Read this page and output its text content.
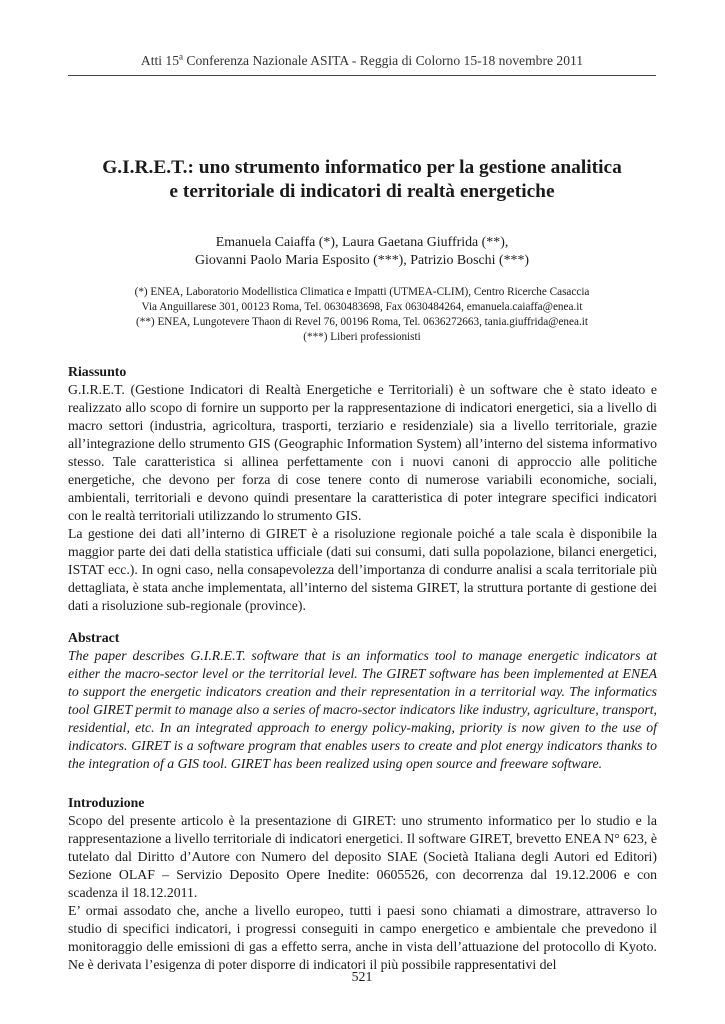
Atti 15$^a$ Conferenza Nazionale ASITA - Reggia di Colorno 15-18 novembre 2011
G.I.R.E.T.: uno strumento informatico per la gestione analitica
e territoriale di indicatori di realtà energetiche
Emanuela Caiaffa (*), Laura Gaetana Giuffrida (**),
Giovanni Paolo Maria Esposito (***), Patrizio Boschi (***)
(*) ENEA, Laboratorio Modellistica Climatica e Impatti (UTMEA-CLIM), Centro Ricerche Casaccia
Via Anguillarese 301, 00123 Roma, Tel. 0630483698, Fax 0630484264, emanuela.caiaffa@enea.it
(**) ENEA, Lungotevere Thaon di Revel 76, 00196 Roma, Tel. 0636272663, tania.giuffrida@enea.it
(***) Liberi professionisti
Riassunto

G.I.R.E.T. (Gestione Indicatori di Realtà Energetiche e Territoriali) è un software che è stato ideato e realizzato allo scopo di fornire un supporto per la rappresentazione di indicatori energetici, sia a livello di macro settori (industria, agricoltura, trasporti, terziario e residenziale) sia a livello territoriale, grazie all’integrazione dello strumento GIS (Geographic Information System) all’interno del sistema informativo stesso. Tale caratteristica si allinea perfettamente con i nuovi canoni di approccio alle politiche energetiche, che devono per forza di cose tenere conto di numerose variabili economiche, sociali, ambientali, territoriali e devono quindi presentare la caratteristica di poter integrare specifici indicatori con le realtà territoriali utilizzando lo strumento GIS.

La gestione dei dati all’interno di GIRET è a risoluzione regionale poiché a tale scala è disponibile la maggior parte dei dati della statistica ufficiale (dati sui consumi, dati sulla popolazione, bilanci energetici, ISTAT ecc.). In ogni caso, nella consapevolezza dell’importanza di condurre analisi a scala territoriale più dettagliata, è stata anche implementata, all’interno del sistema GIRET, la struttura portante di gestione dei dati a risoluzione sub-regionale (province).

Abstract

The paper describes G.I.R.E.T. software that is an informatics tool to manage energetic indicators at either the macro-sector level or the territorial level. The GIRET software has been implemented at ENEA to support the energetic indicators creation and their representation in a territorial way. The informatics tool GIRET permit to manage also a series of macro-sector indicators like industry, agriculture, transport, residential, etc. In an integrated approach to energy policy-making, priority is now given to the use of indicators. GIRET is a software program that enables users to create and plot energy indicators thanks to the integration of a GIS tool. GIRET has been realized using open source and freeware software.

Introduzione

Scopo del presente articolo è la presentazione di GIRET: uno strumento informatico per lo studio e la rappresentazione a livello territoriale di indicatori energetici. Il software GIRET, brevetto ENEA N° 623, è tutelato dal Diritto d’Autore con Numero del deposito SIAE (Società Italiana degli Autori ed Editori) Sezione OLAF – Servizio Deposito Opere Inedite: 0605526, con decorrenza dal 19.12.2006 e con scadenza il 18.12.2011.

E’ ormai assodato che, anche a livello europeo, tutti i paesi sono chiamati a dimostrare, attraverso lo studio di specifici indicatori, i progressi conseguiti in campo energetico e ambientale che prevedono il monitoraggio delle emissioni di gas a effetto serra, anche in vista dell’attuazione del protocollo di Kyoto. Ne è derivata l’esigenza di poter disporre di indicatori il più possibile rappresentativi del

521
